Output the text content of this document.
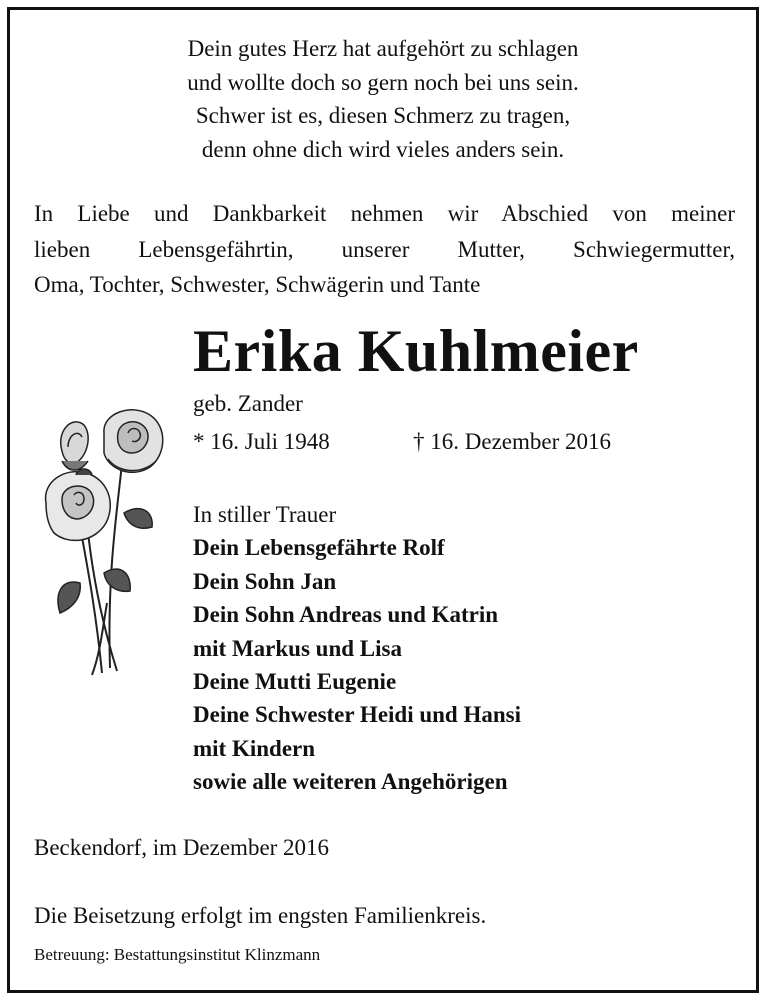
Dein gutes Herz hat aufgehört zu schlagen
und wollte doch so gern noch bei uns sein.
Schwer ist es, diesen Schmerz zu tragen,
denn ohne dich wird vieles anders sein.
In Liebe und Dankbarkeit nehmen wir Abschied von meiner
lieben Lebensgefährtin, unserer Mutter, Schwiegermutter,
Oma, Tochter, Schwester, Schwägerin und Tante
Erika Kuhlmeier
geb. Zander
* 16. Juli 1948	† 16. Dezember 2016
In stiller Trauer
Dein Lebensgefährte Rolf
Dein Sohn Jan
Dein Sohn Andreas und Katrin
mit Markus und Lisa
Deine Mutti Eugenie
Deine Schwester Heidi und Hansi
mit Kindern
sowie alle weiteren Angehörigen
Beckendorf, im Dezember 2016
Die Beisetzung erfolgt im engsten Familienkreis.
Betreuung: Bestattungsinstitut Klinzmann
